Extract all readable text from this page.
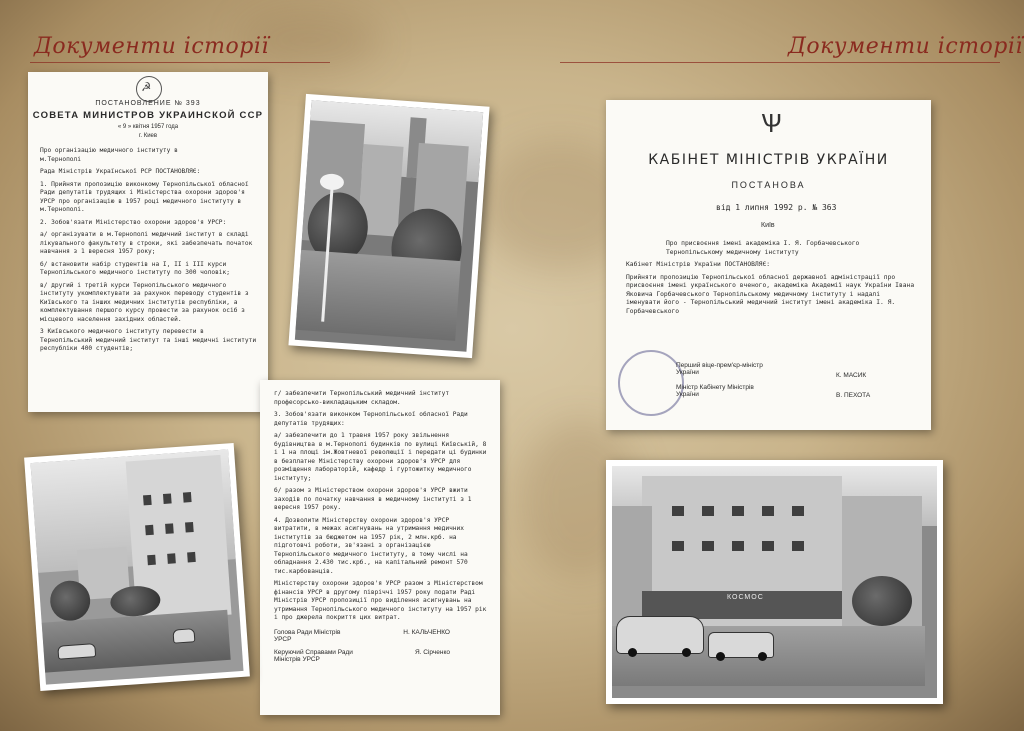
Документи історії	Документи історії
☭
ПОСТАНОВЛЕНИЕ № 393
СОВЕТА МИНИСТРОВ УКРАИНСКОЙ ССР
« 9 » квітня 1957 года
г. Киев

Про організацію медичного інституту в м.Тернополі

Рада Міністрів Української РСР ПОСТАНОВЛЯЄ:

1. Прийняти пропозицію виконкому Тернопільської обласної Ради депутатів трудящих і Міністерства охорони здоров'я УРСР про організацію в 1957 році медичного інституту в м.Тернополі.

2. Зобов'язати Міністерство охорони здоров'я УРСР:

а/ організувати в м.Тернополі медичний інститут в складі лікувального факультету в строки, які забезпечать початок навчання з 1 вересня 1957 року;

б/ встановити набір студентів на I, II і III курси Тернопільського медичного інституту по 300 чоловік;

в/ другий і третій курси Тернопільського медичного інституту укомплектувати за рахунок переводу студентів з Київського та інших медичних інститутів республіки, а комплектування першого курсу провести за рахунок осіб з місцевого населення західних областей.

З Київського медичного інституту перевести в Тернопільський медичний інститут та інші медичні інститути республіки 400 студентів;

г/ забезпечити Тернопільський медичний інститут професорсько-викладацьким складом.

3. Зобов'язати виконком Тернопільської обласної Ради депутатів трудящих:

а/ забезпечити до 1 травня 1957 року звільнення будівництва в м.Тернополі будинків по вулиці Київській, 8 і 1 на площі ім.Жовтневої революції і передати ці будинки в безплатне Міністерству охорони здоров'я УРСР для розміщення лабораторій, кафедр і гуртожитку медичного інституту;

б/ разом з Міністерством охорони здоров'я УРСР вжити заходів по початку навчання в медичному інституті з 1 вересня 1957 року.

4. Дозволити Міністерству охорони здоров'я УРСР витратити, в межах асигнувань на утримання медичних інститутів за бюджетом на 1957 рік, 2 млн.крб. на підготовчі роботи, зв'язані з організацією Тернопільського медичного інституту, в тому числі на обладнання 2.430 тис.крб., на капітальний ремонт 570 тис.карбованців.

Міністерству охорони здоров'я УРСР разом з Міністерством фінансів УРСР в другому півріччі 1957 року подати Раді Міністрів УРСР пропозиції про виділення асигнувань на утримання Тернопільського медичного інституту на 1957 рік і про джерела покриття цих витрат.

Голова Ради Міністрів УРСР
Н. КАЛЬЧЕНКО
Керуючий Справами Ради Міністрів УРСР
Я. Сірченко
Ѱ
КАБІНЕТ МІНІСТРІВ УКРАЇНИ
ПОСТАНОВА
від 1 липня 1992 р. № 363
Київ

Про присвоєння імені академіка І. Я. Горбачевського Тернопільському медичному інституту

Кабінет Міністрів України ПОСТАНОВЛЯЄ:

Прийняти пропозицію Тернопільської обласної державної адміністрації про присвоєння імені українського вченого, академіка Академії наук України Івана Яковича Горбачевського Тернопільському медичному інституту і надалі іменувати його - Тернопільський медичний інститут імені академіка І. Я. Горбачевського

Перший віце-прем'єр-міністр України	К. МАСИК
Міністр Кабінету Міністрів України	В. ПЕХОТА
КОСМОС
